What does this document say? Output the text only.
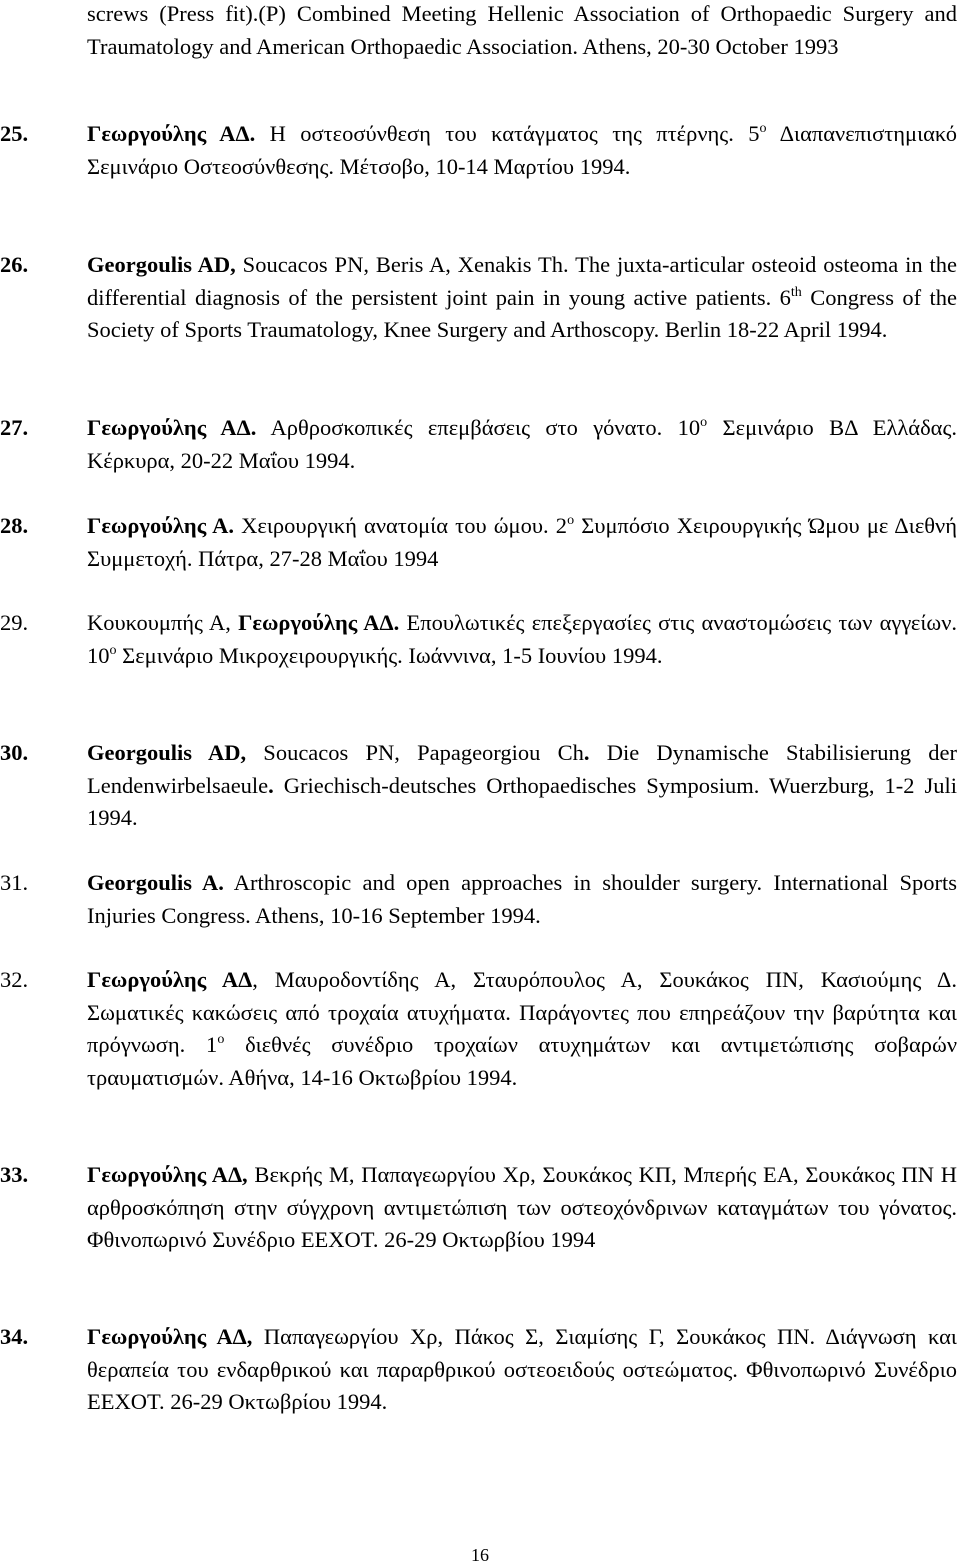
screws (Press fit).(P) Combined Meeting Hellenic Association of Orthopaedic Surgery and Traumatology and American Orthopaedic Association. Athens, 20-30 October 1993
25.	Γεωργούλης ΑΔ. Η οστεοσύνθεση του κατάγματος της πτέρνης. $5^o$ Διαπανεπιστημιακό Σεμινάριο Οστεοσύνθεσης. Μέτσοβο, 10-14 Μαρτίου 1994.
26.	Georgoulis AD, Soucacos PN, Beris A, Xenakis Th. The juxta-articular osteoid osteoma in the differential diagnosis of the persistent joint pain in young active patients. 6th Congress of the Society of Sports Traumatology, Knee Surgery and Arthoscopy. Berlin 18-22 April 1994.
27.	Γεωργούλης ΑΔ. Αρθροσκοπικές επεμβάσεις στο γόνατο. $10^o$ Σεμινάριο ΒΔ Ελλάδας. Κέρκυρα, 20-22 Μαΐου 1994.
28.	Γεωργούλης Α. Χειρουργική ανατομία του ώμου. $2^o$ Συμπόσιο Χειρουργικής Ώμου με Διεθνή Συμμετοχή. Πάτρα, 27-28 Μαΐου 1994
29.	Κουκουμπής Α, Γεωργούλης ΑΔ. Επουλωτικές επεξεργασίες στις αναστομώσεις των αγγείων. $10^o$ Σεμινάριο Μικροχειρουργικής. Ιωάννινα, 1-5 Ιουνίου 1994.
30.	Georgoulis AD, Soucacos PN, Papageorgiou Ch. Die Dynamische Stabilisierung der Lendenwirbelsaeule. Griechisch-deutsches Orthopaedisches Symposium. Wuerzburg, 1-2 Juli 1994.
31.	Georgoulis A. Arthroscopic and open approaches in shoulder surgery. International Sports Injuries Congress. Athens, 10-16 September 1994.
32.	Γεωργούλης ΑΔ, Μαυροδοντίδης Α, Σταυρόπουλος Α, Σουκάκος ΠΝ, Κασιούμης Δ. Σωματικές κακώσεις από τροχαία ατυχήματα. Παράγοντες που επηρεάζουν την βαρύτητα και πρόγνωση. $1^o$ διεθνές συνέδριο τροχαίων ατυχημάτων και αντιμετώπισης σοβαρών τραυματισμών. Αθήνα, 14-16 Οκτωβρίου 1994.
33.	Γεωργούλης ΑΔ, Βεκρής Μ, Παπαγεωργίου Χρ, Σουκάκος ΚΠ, Μπερής ΕΑ, Σουκάκος ΠΝ Η αρθροσκόπηση στην σύγχρονη αντιμετώπιση των οστεοχόνδρινων καταγμάτων του γόνατος. Φθινοπωρινό Συνέδριο ΕΕΧΟΤ. 26-29 Οκτωρβίου 1994
34.	Γεωργούλης ΑΔ, Παπαγεωργίου Χρ, Πάκος Σ, Σιαμίσης Γ, Σουκάκος ΠΝ. Διάγνωση και θεραπεία του ενδαρθρικού και παραρθρικού οστεοειδούς οστεώματος. Φθινοπωρινό Συνέδριο ΕΕΧΟΤ. 26-29 Οκτωβρίου 1994.
16
